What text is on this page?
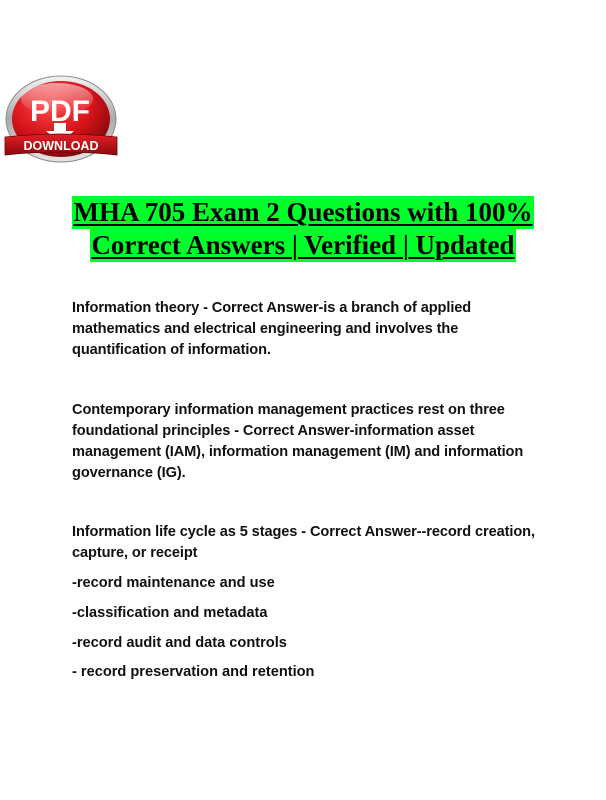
PDF
DOWNLOAD
MHA 705 Exam 2 Questions with 100%
Correct Answers | Verified | Updated
Information theory - Correct Answer-is a branch of applied mathematics and electrical engineering and involves the quantification of information.
Contemporary information management practices rest on three foundational principles - Correct Answer-information asset management (IAM), information management (IM) and information governance (IG).
Information life cycle as 5 stages - Correct Answer--record creation, capture, or receipt
-record maintenance and use
-classification and metadata
-record audit and data controls
- record preservation and retention
